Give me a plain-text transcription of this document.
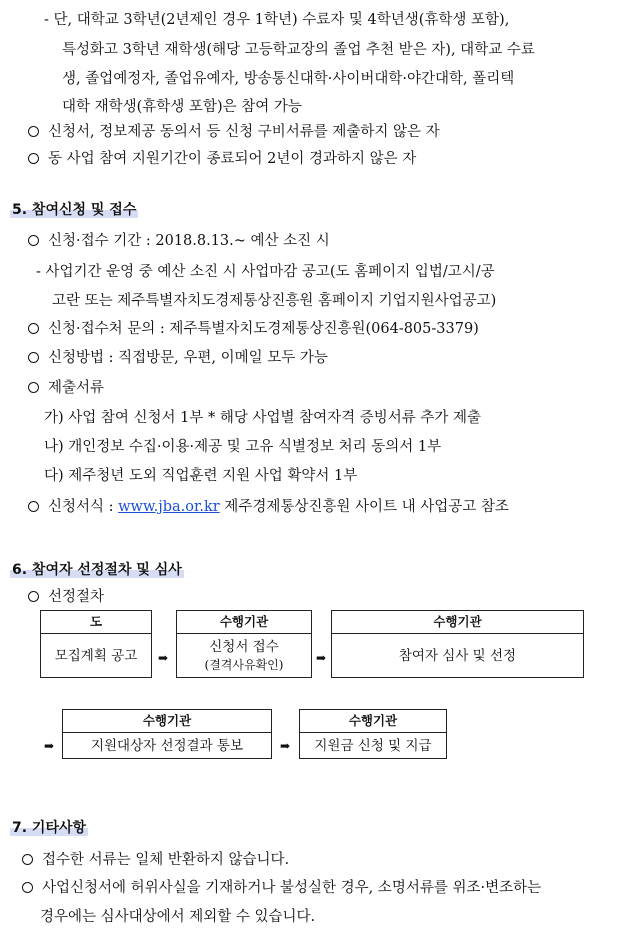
- 단, 대학교 3학년(2년제인 경우 1학년) 수료자 및 4학년생(휴학생 포함),
특성화고 3학년 재학생(해당 고등학교장의 졸업 추천 받은 자), 대학교 수료
생, 졸업예정자, 졸업유예자, 방송통신대학·사이버대학·야간대학, 폴리텍
대학 재학생(휴학생 포함)은 참여 가능
신청서, 정보제공 동의서 등 신청 구비서류를 제출하지 않은 자
동 사업 참여 지원기간이 종료되어 2년이 경과하지 않은 자
5. 참여신청 및 접수
신청·접수 기간 : 2018.8.13.~ 예산 소진 시
- 사업기간 운영 중 예산 소진 시 사업마감 공고(도 홈페이지 입법/고시/공
고란 또는 제주특별자치도경제통상진흥원 홈페이지 기업지원사업공고)
신청·접수처 문의 : 제주특별자치도경제통상진흥원(064-805-3379)
신청방법 : 직접방문, 우편, 이메일 모두 가능
제출서류
가) 사업 참여 신청서 1부 * 해당 사업별 참여자격 증빙서류 추가 제출
나) 개인정보 수집·이용·제공 및 고유 식별정보 처리 동의서 1부
다) 제주청년 도외 직업훈련 지원 사업 확약서 1부
신청서식 : www.jba.or.kr 제주경제통상진흥원 사이트 내 사업공고 참조
6. 참여자 선정절차 및 심사
선정절차
도
모집계획 공고 ➡
수행기관
신청서 접수
(결격사유확인)	➡
수행기관
참여자 심사 및 선정
➡
수행기관
지원대상자 선정결과 통보	➡
수행기관
지원금 신청 및 지급
7. 기타사항
접수한 서류는 일체 반환하지 않습니다.
사업신청서에 허위사실을 기재하거나 불성실한 경우, 소명서류를 위조·변조하는
경우에는 심사대상에서 제외할 수 있습니다.
